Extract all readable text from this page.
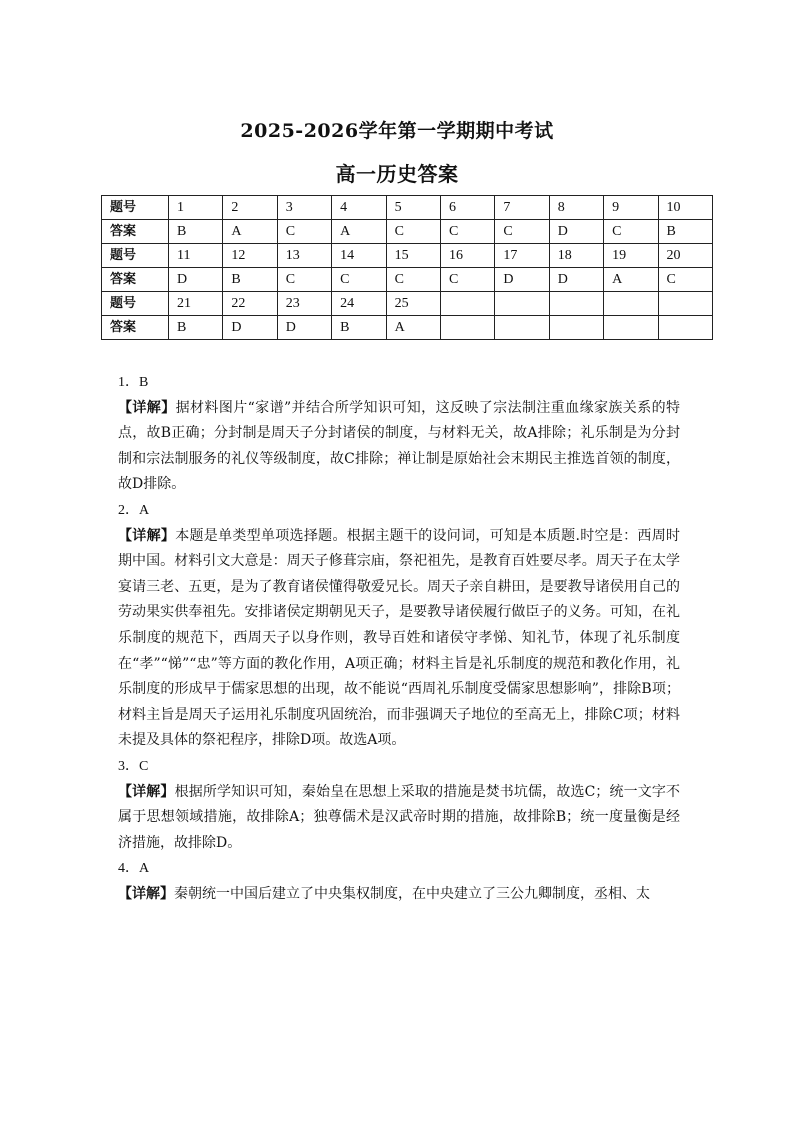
2025-2026学年第一学期期中考试
高一历史答案
题号	1	2	3	4	5	6	7	8	9	10
答案	B	A	C	A	C	C	C	D	C	B
题号	11	12	13	14	15	16	17	18	19	20
答案	D	B	C	C	C	C	D	D	A	C
题号	21	22	23	24	25					
答案	B	D	D	B	A					

1．B

【详解】据材料图片“家谱”并结合所学知识可知，这反映了宗法制注重血缘家族关系的特点，故B正确；分封制是周天子分封诸侯的制度，与材料无关，故A排除；礼乐制是为分封制和宗法制服务的礼仪等级制度，故C排除；禅让制是原始社会末期民主推选首领的制度，故D排除。

2．A

【详解】本题是单类型单项选择题。根据主题干的设问词，可知是本质题.时空是：西周时期中国。材料引文大意是：周天子修葺宗庙，祭祀祖先，是教育百姓要尽孝。周天子在太学宴请三老、五更，是为了教育诸侯懂得敬爱兄长。周天子亲自耕田，是要教导诸侯用自己的劳动果实供奉祖先。安排诸侯定期朝见天子，是要教导诸侯履行做臣子的义务。可知，在礼乐制度的规范下，西周天子以身作则，教导百姓和诸侯守孝悌、知礼节，体现了礼乐制度在“孝”“悌”“忠”等方面的教化作用，A项正确；材料主旨是礼乐制度的规范和教化作用，礼乐制度的形成早于儒家思想的出现，故不能说“西周礼乐制度受儒家思想影响”，排除B项；材料主旨是周天子运用礼乐制度巩固统治，而非强调天子地位的至高无上，排除C项；材料未提及具体的祭祀程序，排除D项。故选A项。

3．C

【详解】根据所学知识可知，秦始皇在思想上采取的措施是焚书坑儒，故选C；统一文字不属于思想领域措施，故排除A；独尊儒术是汉武帝时期的措施，故排除B；统一度量衡是经济措施，故排除D。

4．A

【详解】秦朝统一中国后建立了中央集权制度，在中央建立了三公九卿制度，丞相、太
